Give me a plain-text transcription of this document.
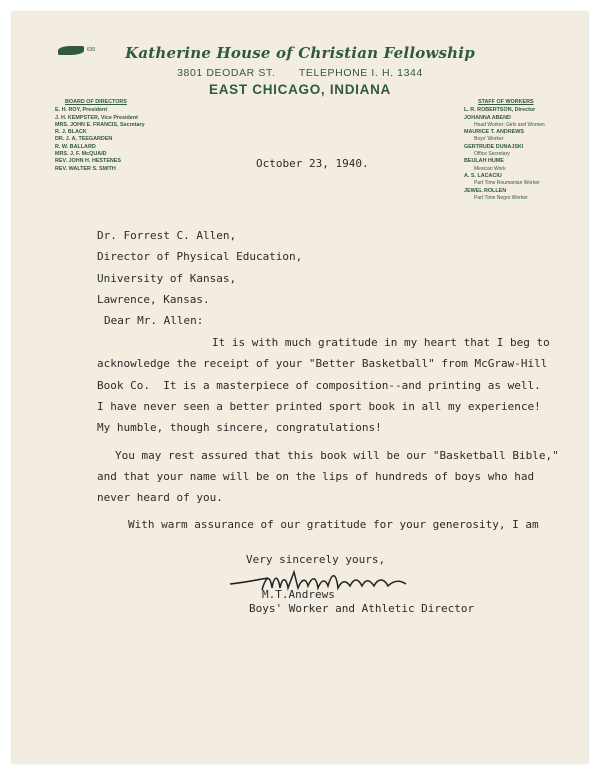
630	Katherine House of Christian Fellowship
3801 DEODAR ST. TELEPHONE I. H. 1344
EAST CHICAGO, INDIANA
BOARD OF DIRECTORS
E. H. ROY, President
J. H. KEMPSTER, Vice President
MRS. JOHN E. FRANCIS, Secretary
R. J. BLACK
DR. J. A. TEEGARDEN
R. W. BALLARD
MRS. J. F. McQUAID
REV. JOHN H. HESTENES
REV. WALTER S. SMITH
STAFF OF WORKERS
L. R. ROBERTSON, Director
JOHANNA ABEND
Head Worker; Girls and Women
MAURICE T. ANDREWS
Boys' Worker
GERTRUDE DUNAJSKI
Office Secretary
BEULAH HUME
Mexican Work
A. S. LACACIU
Part Time Roumanian Worker
JEWEL ROLLEN
Part Time Negro Worker
October 23, 1940.
Dr. Forrest C. Allen,
Director of Physical Education,
University of Kansas,
Lawrence, Kansas.
Dear Mr. Allen:
It is with much gratitude in my heart that I beg to
acknowledge the receipt of your "Better Basketball" from McGraw-Hill
Book Co.  It is a masterpiece of composition--and printing as well.
I have never seen a better printed sport book in all my experience!
My humble, though sincere, congratulations!
You may rest assured that this book will be our "Basketball Bible,"
and that your name will be on the lips of hundreds of boys who had
never heard of you.
With warm assurance of our gratitude for your generosity, I am
Very sincerely yours,
M.T.Andrews
Boys' Worker and Athletic Director
